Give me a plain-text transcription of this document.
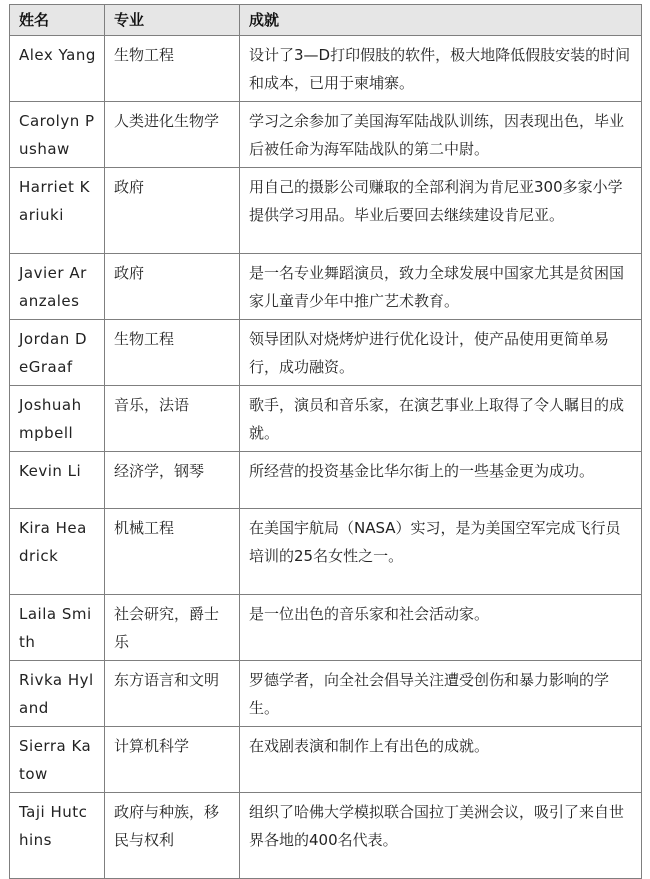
姓名	专业	成就
Alex Yang	生物工程	设计了3—D打印假肢的软件，极大地降低假肢安装的时间和成本，已用于柬埔寨。
Carolyn Pushaw	人类进化生物学	学习之余参加了美国海军陆战队训练，因表现出色，毕业后被任命为海军陆战队的第二中尉。
Harriet Kariuki	政府	用自己的摄影公司赚取的全部利润为肯尼亚300多家小学提供学习用品。毕业后要回去继续建设肯尼亚。
Javier Aranzales	政府	是一名专业舞蹈演员，致力全球发展中国家尤其是贫困国家儿童青少年中推广艺术教育。
Jordan DeGraaf	生物工程	领导团队对烧烤炉进行优化设计，使产品使用更简单易行，成功融资。
Joshuah mpbell	音乐，法语	歌手，演员和音乐家，在演艺事业上取得了令人瞩目的成就。
Kevin Li	经济学，钢琴	所经营的投资基金比华尔街上的一些基金更为成功。
Kira Headrick	机械工程	在美国宇航局（NASA）实习，是为美国空军完成飞行员培训的25名女性之一。
Laila Smith	社会研究，爵士乐	是一位出色的音乐家和社会活动家。
Rivka Hyland	东方语言和文明	罗德学者，向全社会倡导关注遭受创伤和暴力影响的学生。
Sierra Katow	计算机科学	在戏剧表演和制作上有出色的成就。
Taji Hutchins	政府与种族，移民与权利	组织了哈佛大学模拟联合国拉丁美洲会议，吸引了来自世界各地的400名代表。
